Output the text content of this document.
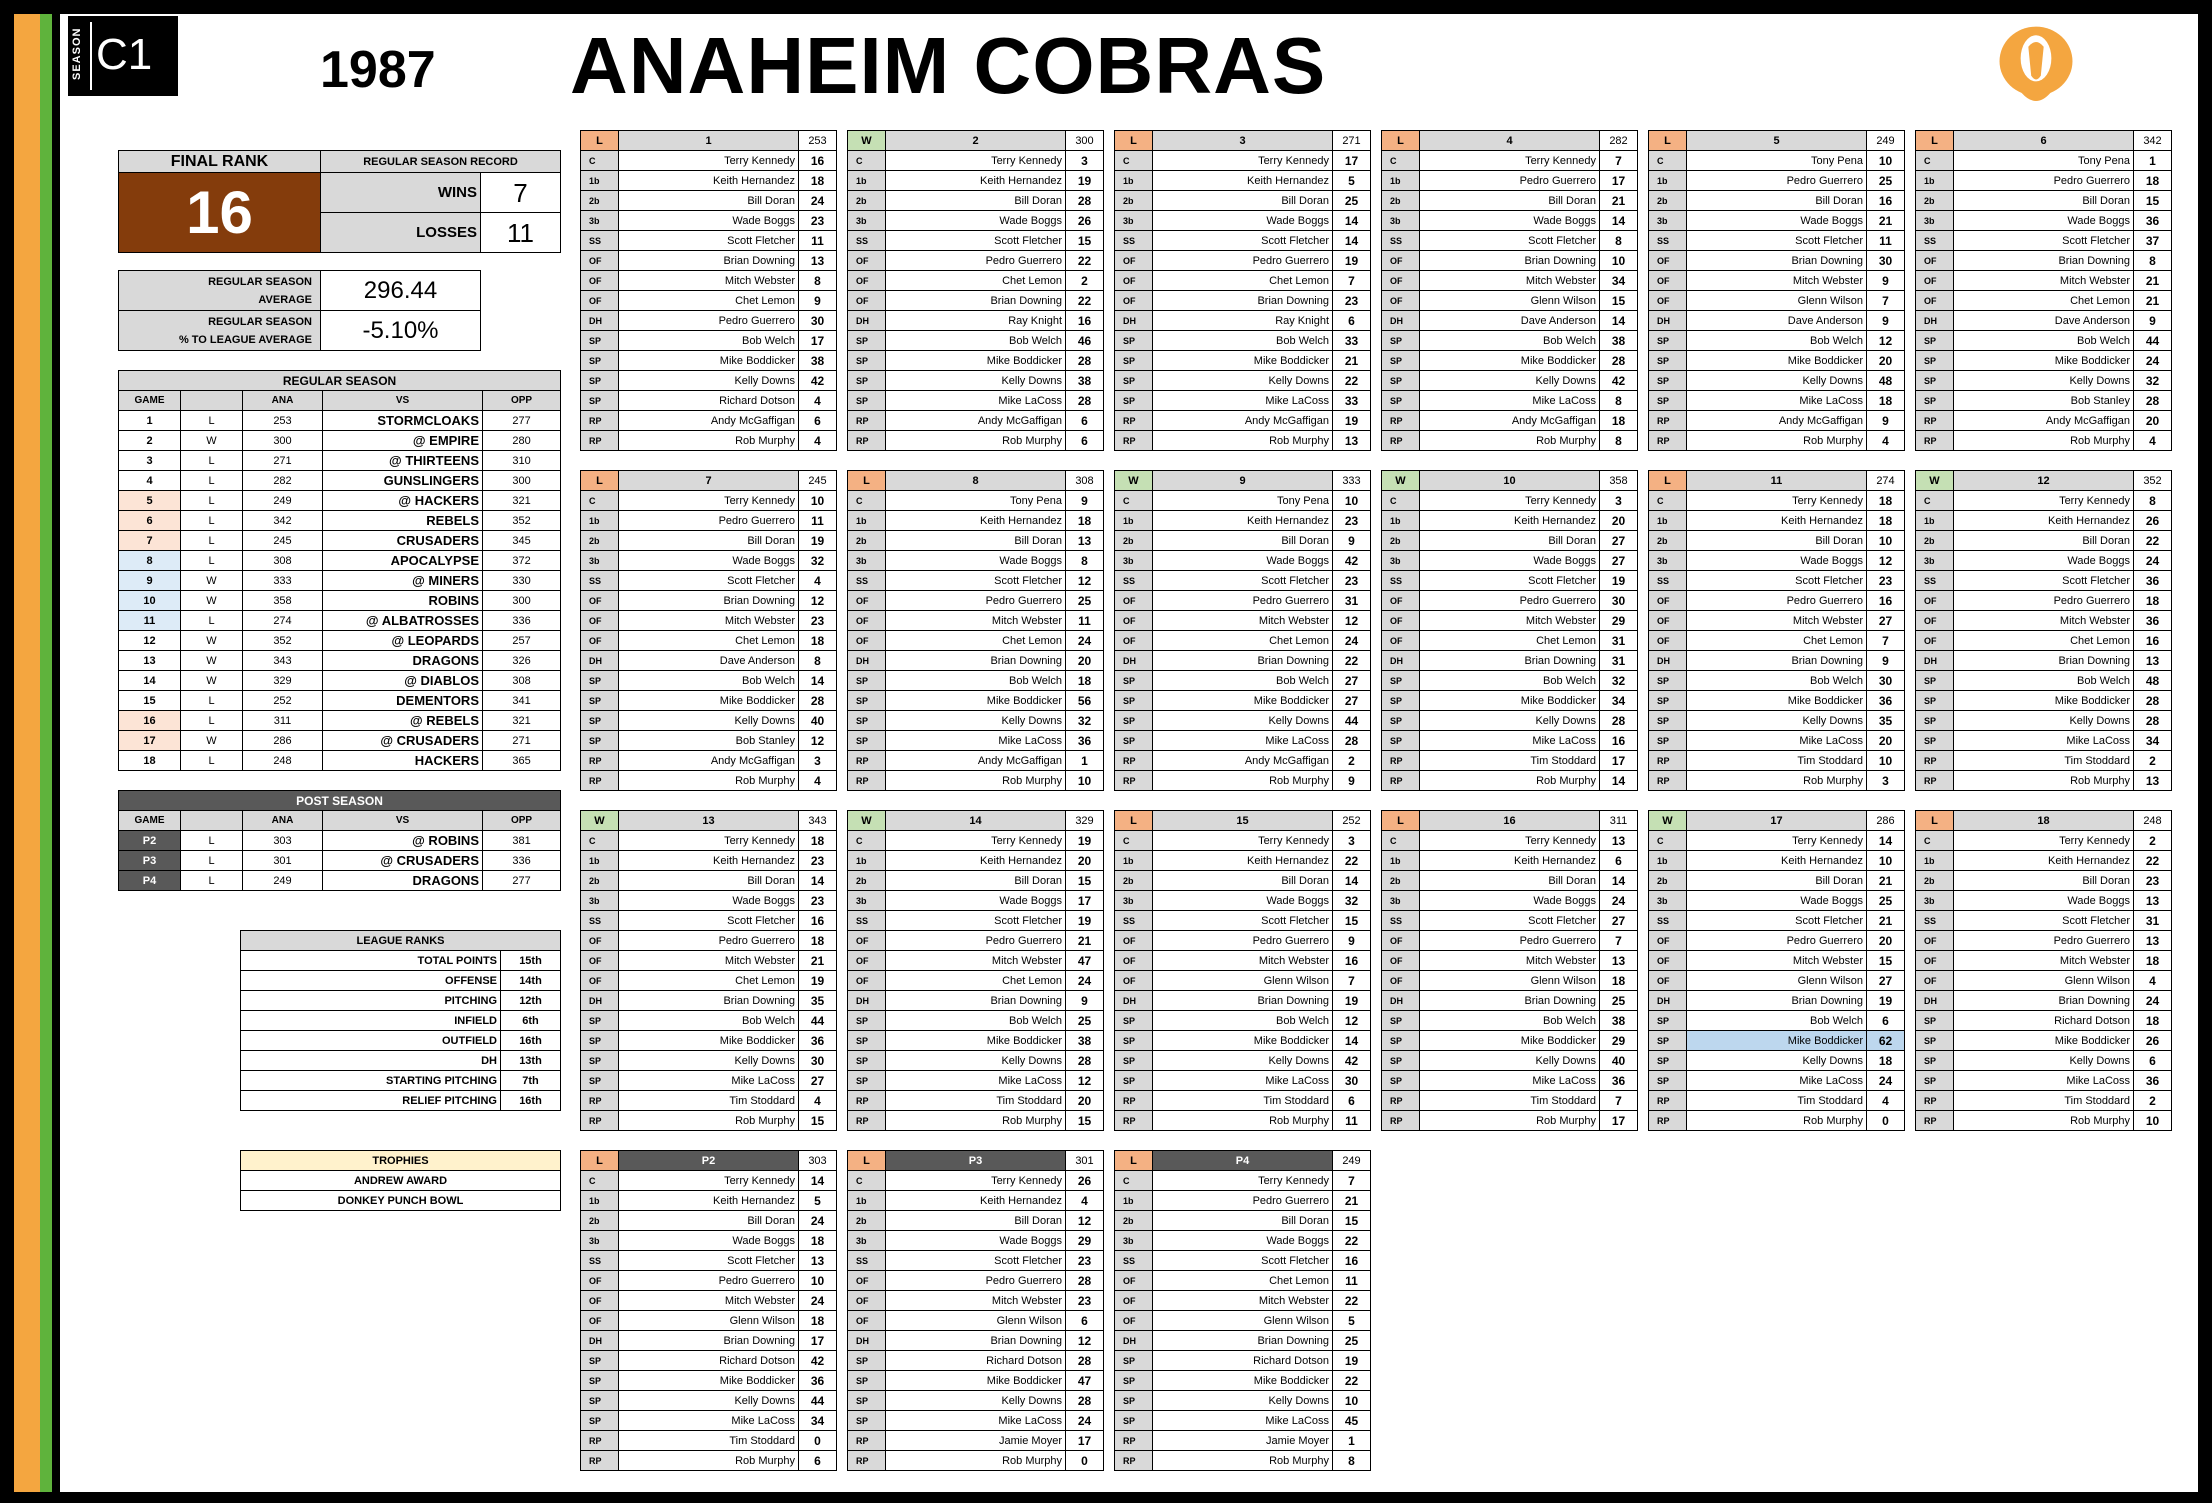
SEASON C1	1987 ANAHEIM COBRAS
FINAL RANK	REGULAR SEASON RECORD	
16	WINS	7
	LOSSES	11
REGULAR SEASON
AVERAGE	296.44
REGULAR SEASON
% TO LEAGUE AVERAGE	-5.10%
REGULAR SEASON				
GAME		ANA	VS	OPP
1	L	253	STORMCLOAKS	277
2	W	300	@ EMPIRE	280
3	L	271	@ THIRTEENS	310
4	L	282	GUNSLINGERS	300
5	L	249	@ HACKERS	321
6	L	342	REBELS	352
7	L	245	CRUSADERS	345
8	L	308	APOCALYPSE	372
9	W	333	@ MINERS	330
10	W	358	ROBINS	300
11	L	274	@ ALBATROSSES	336
12	W	352	@ LEOPARDS	257
13	W	343	DRAGONS	326
14	W	329	@ DIABLOS	308
15	L	252	DEMENTORS	341
16	L	311	@ REBELS	321
17	W	286	@ CRUSADERS	271
18	L	248	HACKERS	365
POST SEASON				
GAME		ANA	VS	OPP
P2	L	303	@ ROBINS	381
P3	L	301	@ CRUSADERS	336
P4	L	249	DRAGONS	277
LEAGUE RANKS	
TOTAL POINTS	15th
OFFENSE	14th
PITCHING	12th
INFIELD	6th
OUTFIELD	16th
DH	13th
STARTING PITCHING	7th
RELIEF PITCHING	16th
TROPHIES
ANDREW AWARD
DONKEY PUNCH BOWL
L	1	253
C	Terry Kennedy	16
1b	Keith Hernandez	18
2b	Bill Doran	24
3b	Wade Boggs	23
SS	Scott Fletcher	11
OF	Brian Downing	13
OF	Mitch Webster	8
OF	Chet Lemon	9
DH	Pedro Guerrero	30
SP	Bob Welch	17
SP	Mike Boddicker	38
SP	Kelly Downs	42
SP	Richard Dotson	4
RP	Andy McGaffigan	6
RP	Rob Murphy	4
W	2	300
C	Terry Kennedy	3
1b	Keith Hernandez	19
2b	Bill Doran	28
3b	Wade Boggs	26
SS	Scott Fletcher	15
OF	Pedro Guerrero	22
OF	Chet Lemon	2
OF	Brian Downing	22
DH	Ray Knight	16
SP	Bob Welch	46
SP	Mike Boddicker	28
SP	Kelly Downs	38
SP	Mike LaCoss	28
RP	Andy McGaffigan	6
RP	Rob Murphy	6
L	3	271
C	Terry Kennedy	17
1b	Keith Hernandez	5
2b	Bill Doran	25
3b	Wade Boggs	14
SS	Scott Fletcher	14
OF	Pedro Guerrero	19
OF	Chet Lemon	7
OF	Brian Downing	23
DH	Ray Knight	6
SP	Bob Welch	33
SP	Mike Boddicker	21
SP	Kelly Downs	22
SP	Mike LaCoss	33
RP	Andy McGaffigan	19
RP	Rob Murphy	13
L	4	282
C	Terry Kennedy	7
1b	Pedro Guerrero	17
2b	Bill Doran	21
3b	Wade Boggs	14
SS	Scott Fletcher	8
OF	Brian Downing	10
OF	Mitch Webster	34
OF	Glenn Wilson	15
DH	Dave Anderson	14
SP	Bob Welch	38
SP	Mike Boddicker	28
SP	Kelly Downs	42
SP	Mike LaCoss	8
RP	Andy McGaffigan	18
RP	Rob Murphy	8
L	5	249
C	Tony Pena	10
1b	Pedro Guerrero	25
2b	Bill Doran	16
3b	Wade Boggs	21
SS	Scott Fletcher	11
OF	Brian Downing	30
OF	Mitch Webster	9
OF	Glenn Wilson	7
DH	Dave Anderson	9
SP	Bob Welch	12
SP	Mike Boddicker	20
SP	Kelly Downs	48
SP	Mike LaCoss	18
RP	Andy McGaffigan	9
RP	Rob Murphy	4
L	6	342
C	Tony Pena	1
1b	Pedro Guerrero	18
2b	Bill Doran	15
3b	Wade Boggs	36
SS	Scott Fletcher	37
OF	Brian Downing	8
OF	Mitch Webster	21
OF	Chet Lemon	21
DH	Dave Anderson	9
SP	Bob Welch	44
SP	Mike Boddicker	24
SP	Kelly Downs	32
SP	Bob Stanley	28
RP	Andy McGaffigan	20
RP	Rob Murphy	4
L	7	245
C	Terry Kennedy	10
1b	Pedro Guerrero	11
2b	Bill Doran	19
3b	Wade Boggs	32
SS	Scott Fletcher	4
OF	Brian Downing	12
OF	Mitch Webster	23
OF	Chet Lemon	18
DH	Dave Anderson	8
SP	Bob Welch	14
SP	Mike Boddicker	28
SP	Kelly Downs	40
SP	Bob Stanley	12
RP	Andy McGaffigan	3
RP	Rob Murphy	4
L	8	308
C	Tony Pena	9
1b	Keith Hernandez	18
2b	Bill Doran	13
3b	Wade Boggs	8
SS	Scott Fletcher	12
OF	Pedro Guerrero	25
OF	Mitch Webster	11
OF	Chet Lemon	24
DH	Brian Downing	20
SP	Bob Welch	18
SP	Mike Boddicker	56
SP	Kelly Downs	32
SP	Mike LaCoss	36
RP	Andy McGaffigan	1
RP	Rob Murphy	10
W	9	333
C	Tony Pena	10
1b	Keith Hernandez	23
2b	Bill Doran	9
3b	Wade Boggs	42
SS	Scott Fletcher	23
OF	Pedro Guerrero	31
OF	Mitch Webster	12
OF	Chet Lemon	24
DH	Brian Downing	22
SP	Bob Welch	27
SP	Mike Boddicker	27
SP	Kelly Downs	44
SP	Mike LaCoss	28
RP	Andy McGaffigan	2
RP	Rob Murphy	9
W	10	358
C	Terry Kennedy	3
1b	Keith Hernandez	20
2b	Bill Doran	27
3b	Wade Boggs	27
SS	Scott Fletcher	19
OF	Pedro Guerrero	30
OF	Mitch Webster	29
OF	Chet Lemon	31
DH	Brian Downing	31
SP	Bob Welch	32
SP	Mike Boddicker	34
SP	Kelly Downs	28
SP	Mike LaCoss	16
RP	Tim Stoddard	17
RP	Rob Murphy	14
L	11	274
C	Terry Kennedy	18
1b	Keith Hernandez	18
2b	Bill Doran	10
3b	Wade Boggs	12
SS	Scott Fletcher	23
OF	Pedro Guerrero	16
OF	Mitch Webster	27
OF	Chet Lemon	7
DH	Brian Downing	9
SP	Bob Welch	30
SP	Mike Boddicker	36
SP	Kelly Downs	35
SP	Mike LaCoss	20
RP	Tim Stoddard	10
RP	Rob Murphy	3
W	12	352
C	Terry Kennedy	8
1b	Keith Hernandez	26
2b	Bill Doran	22
3b	Wade Boggs	24
SS	Scott Fletcher	36
OF	Pedro Guerrero	18
OF	Mitch Webster	36
OF	Chet Lemon	16
DH	Brian Downing	13
SP	Bob Welch	48
SP	Mike Boddicker	28
SP	Kelly Downs	28
SP	Mike LaCoss	34
RP	Tim Stoddard	2
RP	Rob Murphy	13
W	13	343
C	Terry Kennedy	18
1b	Keith Hernandez	23
2b	Bill Doran	14
3b	Wade Boggs	23
SS	Scott Fletcher	16
OF	Pedro Guerrero	18
OF	Mitch Webster	21
OF	Chet Lemon	19
DH	Brian Downing	35
SP	Bob Welch	44
SP	Mike Boddicker	36
SP	Kelly Downs	30
SP	Mike LaCoss	27
RP	Tim Stoddard	4
RP	Rob Murphy	15
W	14	329
C	Terry Kennedy	19
1b	Keith Hernandez	20
2b	Bill Doran	15
3b	Wade Boggs	17
SS	Scott Fletcher	19
OF	Pedro Guerrero	21
OF	Mitch Webster	47
OF	Chet Lemon	24
DH	Brian Downing	9
SP	Bob Welch	25
SP	Mike Boddicker	38
SP	Kelly Downs	28
SP	Mike LaCoss	12
RP	Tim Stoddard	20
RP	Rob Murphy	15
L	15	252
C	Terry Kennedy	3
1b	Keith Hernandez	22
2b	Bill Doran	14
3b	Wade Boggs	32
SS	Scott Fletcher	15
OF	Pedro Guerrero	9
OF	Mitch Webster	16
OF	Glenn Wilson	7
DH	Brian Downing	19
SP	Bob Welch	12
SP	Mike Boddicker	14
SP	Kelly Downs	42
SP	Mike LaCoss	30
RP	Tim Stoddard	6
RP	Rob Murphy	11
L	16	311
C	Terry Kennedy	13
1b	Keith Hernandez	6
2b	Bill Doran	14
3b	Wade Boggs	24
SS	Scott Fletcher	27
OF	Pedro Guerrero	7
OF	Mitch Webster	13
OF	Glenn Wilson	18
DH	Brian Downing	25
SP	Bob Welch	38
SP	Mike Boddicker	29
SP	Kelly Downs	40
SP	Mike LaCoss	36
RP	Tim Stoddard	7
RP	Rob Murphy	17
W	17	286
C	Terry Kennedy	14
1b	Keith Hernandez	10
2b	Bill Doran	21
3b	Wade Boggs	25
SS	Scott Fletcher	21
OF	Pedro Guerrero	20
OF	Mitch Webster	15
OF	Glenn Wilson	27
DH	Brian Downing	19
SP	Bob Welch	6
SP	Mike Boddicker	62
SP	Kelly Downs	18
SP	Mike LaCoss	24
RP	Tim Stoddard	4
RP	Rob Murphy	0
L	18	248
C	Terry Kennedy	2
1b	Keith Hernandez	22
2b	Bill Doran	23
3b	Wade Boggs	13
SS	Scott Fletcher	31
OF	Pedro Guerrero	13
OF	Mitch Webster	18
OF	Glenn Wilson	4
DH	Brian Downing	24
SP	Richard Dotson	18
SP	Mike Boddicker	26
SP	Kelly Downs	6
SP	Mike LaCoss	36
RP	Tim Stoddard	2
RP	Rob Murphy	10
L	P2	303
C	Terry Kennedy	14
1b	Keith Hernandez	5
2b	Bill Doran	24
3b	Wade Boggs	18
SS	Scott Fletcher	13
OF	Pedro Guerrero	10
OF	Mitch Webster	24
OF	Glenn Wilson	18
DH	Brian Downing	17
SP	Richard Dotson	42
SP	Mike Boddicker	36
SP	Kelly Downs	44
SP	Mike LaCoss	34
RP	Tim Stoddard	0
RP	Rob Murphy	6
L	P3	301
C	Terry Kennedy	26
1b	Keith Hernandez	4
2b	Bill Doran	12
3b	Wade Boggs	29
SS	Scott Fletcher	23
OF	Pedro Guerrero	28
OF	Mitch Webster	23
OF	Glenn Wilson	6
DH	Brian Downing	12
SP	Richard Dotson	28
SP	Mike Boddicker	47
SP	Kelly Downs	28
SP	Mike LaCoss	24
RP	Jamie Moyer	17
RP	Rob Murphy	0
L	P4	249
C	Terry Kennedy	7
1b	Pedro Guerrero	21
2b	Bill Doran	15
3b	Wade Boggs	22
SS	Scott Fletcher	16
OF	Chet Lemon	11
OF	Mitch Webster	22
OF	Glenn Wilson	5
DH	Brian Downing	25
SP	Richard Dotson	19
SP	Mike Boddicker	22
SP	Kelly Downs	10
SP	Mike LaCoss	45
RP	Jamie Moyer	1
RP	Rob Murphy	8
